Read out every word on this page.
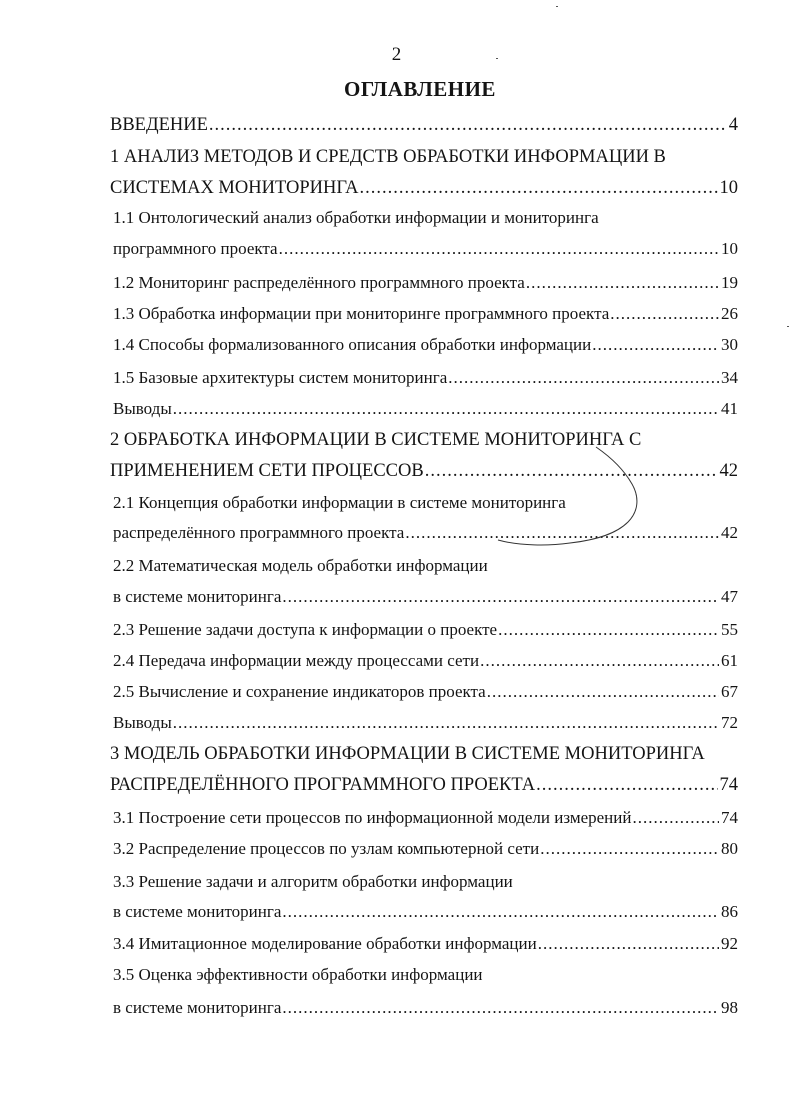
2
ОГЛАВЛЕНИЕ
ВВЕДЕНИЕ .....	4
1 АНАЛИЗ МЕТОДОВ И СРЕДСТВ ОБРАБОТКИ ИНФОРМАЦИИ В
СИСТЕМАХ МОНИТОРИНГА .....	10
1.1 Онтологический анализ обработки информации и мониторинга
программного проекта .....	10
1.2 Мониторинг распределённого программного проекта .....	19
1.3 Обработка информации при мониторинге программного проекта .....	26
1.4 Способы формализованного описания обработки информации .....	30
1.5 Базовые архитектуры систем мониторинга .....	34
Выводы .....	41
2 ОБРАБОТКА ИНФОРМАЦИИ В СИСТЕМЕ МОНИТОРИНГА С
ПРИМЕНЕНИЕМ СЕТИ ПРОЦЕССОВ .....	42
2.1 Концепция обработки информации в системе мониторинга
распределённого программного проекта .....	42
2.2 Математическая модель обработки информации
в системе мониторинга .....	47
2.3 Решение задачи доступа к информации о проекте .....	55
2.4 Передача информации между процессами сети .....	61
2.5 Вычисление и сохранение индикаторов проекта .....	67
Выводы .....	72
3 МОДЕЛЬ ОБРАБОТКИ ИНФОРМАЦИИ В СИСТЕМЕ МОНИТОРИНГА
РАСПРЕДЕЛЁННОГО ПРОГРАММНОГО ПРОЕКТА .....	74
3.1 Построение сети процессов по информационной модели измерений .....	74
3.2 Распределение процессов по узлам компьютерной сети .....	80
3.3 Решение задачи и алгоритм обработки информации
в системе мониторинга .....	86
3.4 Имитационное моделирование обработки информации .....	92
3.5 Оценка эффективности обработки информации
в системе мониторинга .....	98
